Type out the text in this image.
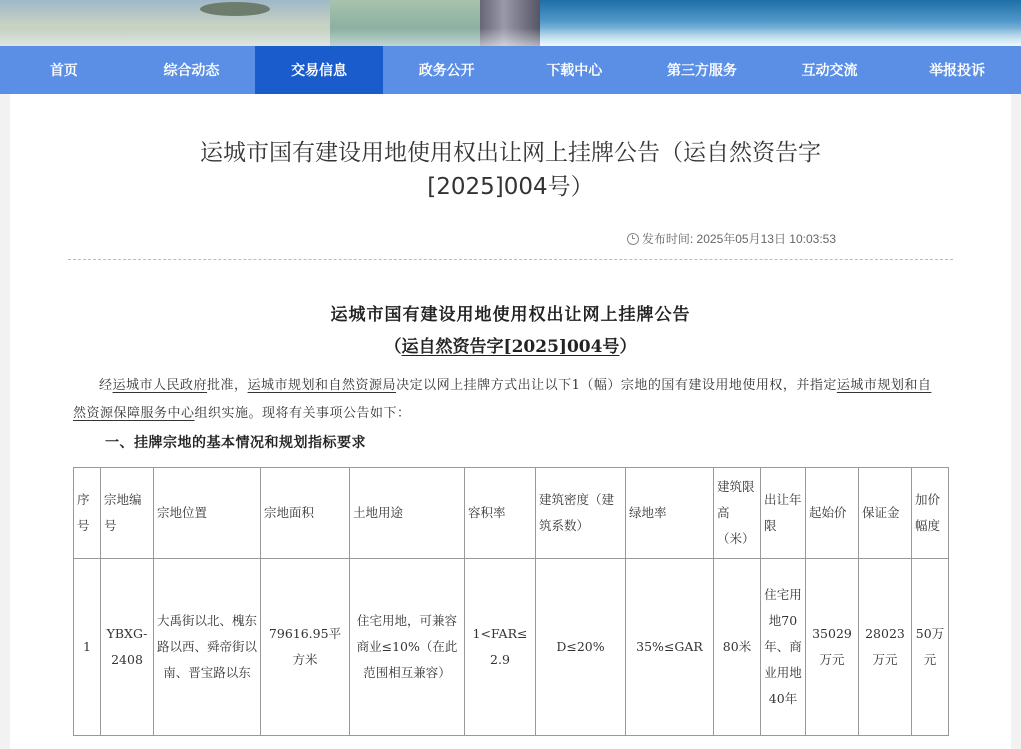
首页	综合动态	交易信息	政务公开	下载中心	第三方服务	互动交流	举报投诉
运城市国有建设用地使用权出让网上挂牌公告（运自然资告字[2025]004号）
发布时间: 2025年05月13日 10:03:53
运城市国有建设用地使用权出让网上挂牌公告
（运自然资告字[2025]004号）
经运城市人民政府批准，运城市规划和自然资源局决定以网上挂牌方式出让以下1（幅）宗地的国有建设用地使用权，并指定运城市规划和自然资源保障服务中心组织实施。现将有关事项公告如下：
一、挂牌宗地的基本情况和规划指标要求
序号	宗地编号	宗地位置	宗地面积	土地用途	容积率	建筑密度（建筑系数）	绿地率	建筑限高（米）	出让年限	起始价	保证金	加价幅度
1	YBXG-2408	大禹街以北、槐东路以西、舜帝街以南、晋宝路以东	79616.95平方米	住宅用地，可兼容商业≤10%（在此范围相互兼容）	1<FAR≤2.9	D≤20%	35%≤GAR	80米	住宅用地70年、商业用地40年	35029万元	28023万元	50万元
